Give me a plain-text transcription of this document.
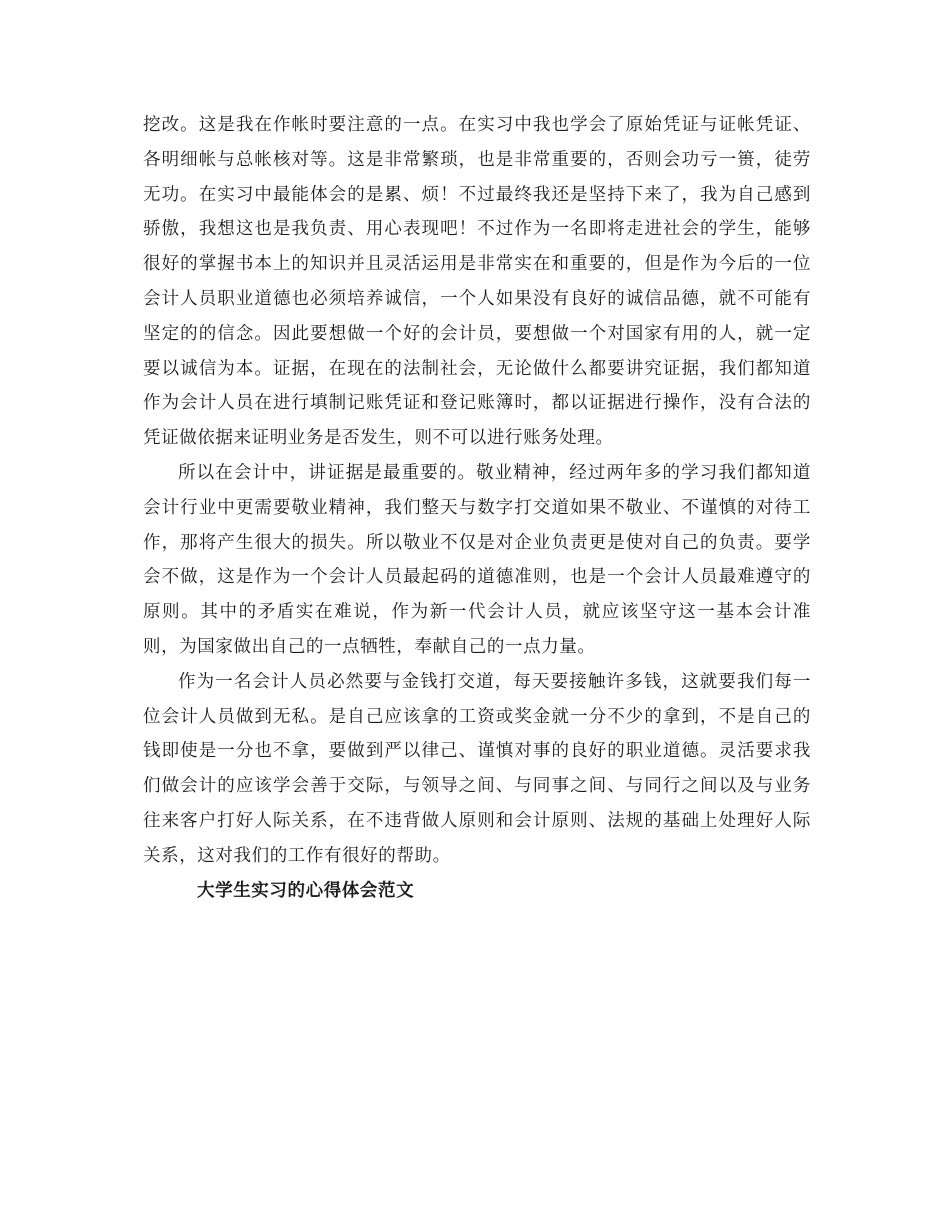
挖改。这是我在作帐时要注意的一点。在实习中我也学会了原始凭证与证帐凭证、各明细帐与总帐核对等。这是非常繁琐，也是非常重要的，否则会功亏一篑，徒劳无功。在实习中最能体会的是累、烦！不过最终我还是坚持下来了，我为自己感到骄傲，我想这也是我负责、用心表现吧！不过作为一名即将走进社会的学生，能够很好的掌握书本上的知识并且灵活运用是非常实在和重要的，但是作为今后的一位会计人员职业道德也必须培养诚信，一个人如果没有良好的诚信品德，就不可能有坚定的的信念。因此要想做一个好的会计员，要想做一个对国家有用的人，就一定要以诚信为本。证据，在现在的法制社会，无论做什么都要讲究证据，我们都知道作为会计人员在进行填制记账凭证和登记账簿时，都以证据进行操作，没有合法的凭证做依据来证明业务是否发生，则不可以进行账务处理。

所以在会计中，讲证据是最重要的。敬业精神，经过两年多的学习我们都知道会计行业中更需要敬业精神，我们整天与数字打交道如果不敬业、不谨慎的对待工作，那将产生很大的损失。所以敬业不仅是对企业负责更是使对自己的负责。要学会不做，这是作为一个会计人员最起码的道德准则，也是一个会计人员最难遵守的原则。其中的矛盾实在难说，作为新一代会计人员，就应该坚守这一基本会计准则，为国家做出自己的一点牺牲，奉献自己的一点力量。

作为一名会计人员必然要与金钱打交道，每天要接触许多钱，这就要我们每一位会计人员做到无私。是自己应该拿的工资或奖金就一分不少的拿到，不是自己的钱即使是一分也不拿，要做到严以律己、谨慎对事的良好的职业道德。灵活要求我们做会计的应该学会善于交际，与领导之间、与同事之间、与同行之间以及与业务往来客户打好人际关系，在不违背做人原则和会计原则、法规的基础上处理好人际关系，这对我们的工作有很好的帮助。

大学生实习的心得体会范文
